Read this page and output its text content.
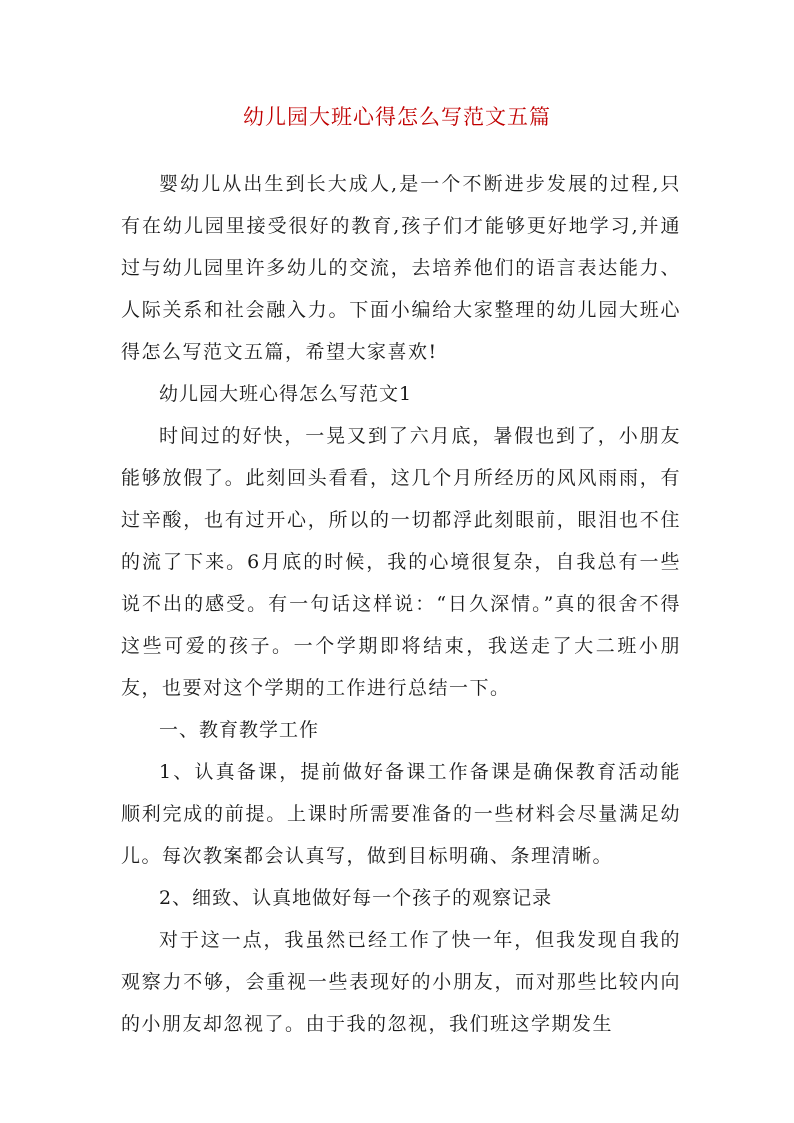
幼儿园大班心得怎么写范文五篇

婴幼儿从出生到长大成人,是一个不断进步发展的过程,只有在幼儿园里接受很好的教育,孩子们才能够更好地学习,并通过与幼儿园里许多幼儿的交流，去培养他们的语言表达能力、人际关系和社会融入力。下面小编给大家整理的幼儿园大班心得怎么写范文五篇，希望大家喜欢!

幼儿园大班心得怎么写范文1

时间过的好快，一晃又到了六月底，暑假也到了，小朋友能够放假了。此刻回头看看，这几个月所经历的风风雨雨，有过辛酸，也有过开心，所以的一切都浮此刻眼前，眼泪也不住的流了下来。6月底的时候，我的心境很复杂，自我总有一些说不出的感受。有一句话这样说：“日久深情。”真的很舍不得这些可爱的孩子。一个学期即将结束，我送走了大二班小朋友，也要对这个学期的工作进行总结一下。

一、教育教学工作

1、认真备课，提前做好备课工作备课是确保教育活动能顺利完成的前提。上课时所需要准备的一些材料会尽量满足幼儿。每次教案都会认真写，做到目标明确、条理清晰。

2、细致、认真地做好每一个孩子的观察记录

对于这一点，我虽然已经工作了快一年，但我发现自我的观察力不够，会重视一些表现好的小朋友，而对那些比较内向的小朋友却忽视了。由于我的忽视，我们班这学期发生
